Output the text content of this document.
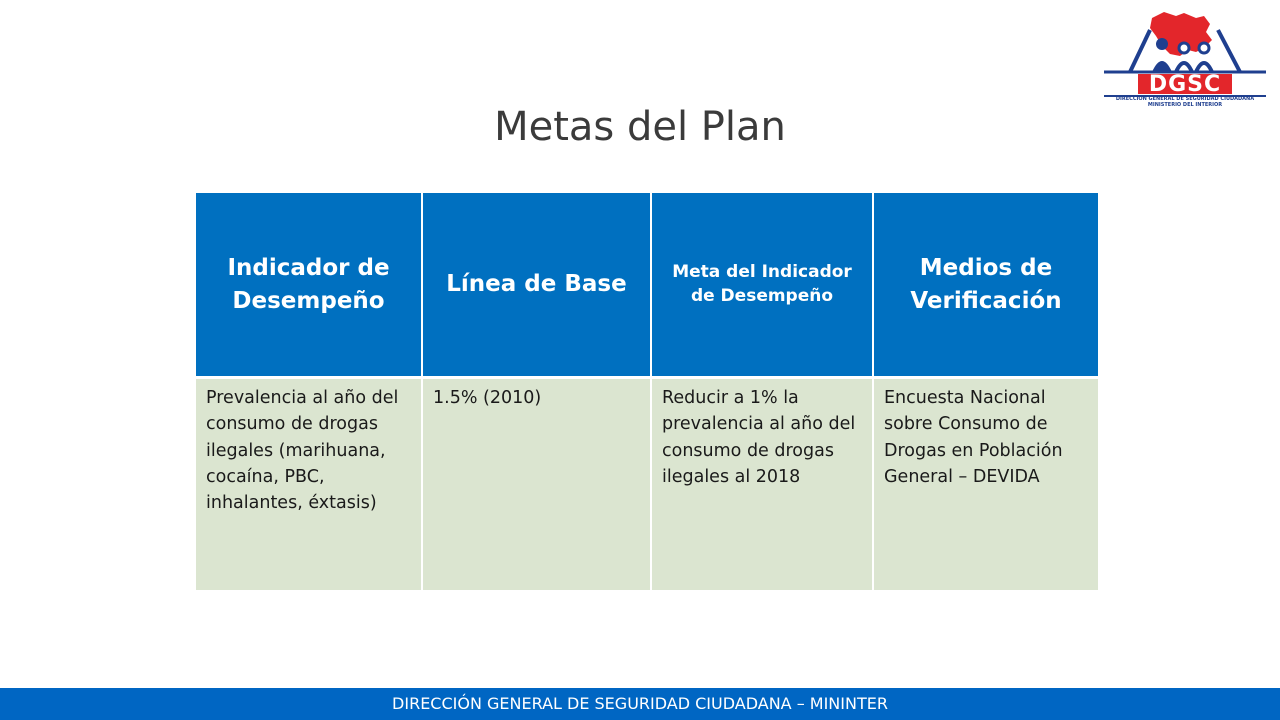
DGSC
DIRECCIÓN GENERAL DE SEGURIDAD CIUDADANA
MINISTERIO DEL INTERIOR
Metas del Plan
Indicador de Desempeño	Línea de Base	Meta del Indicador de Desempeño	Medios de Verificación
Prevalencia al año del consumo de drogas ilegales (marihuana, cocaína, PBC, inhalantes, éxtasis)	1.5% (2010)	Reducir a 1% la prevalencia al año del consumo de drogas ilegales al 2018	Encuesta Nacional sobre Consumo de Drogas en Población General – DEVIDA
DIRECCIÓN GENERAL DE SEGURIDAD CIUDADANA – MININTER
